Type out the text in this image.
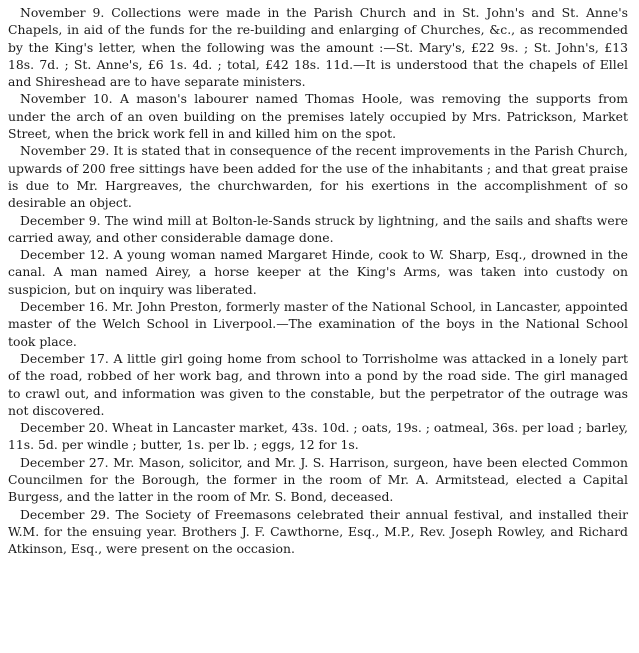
November 9. Collections were made in the Parish Church and in St. John's and St. Anne's Chapels, in aid of the funds for the re-building and enlarging of Churches, &c., as recommended by the King's letter, when the following was the amount :—St. Mary's, £22 9s. ; St. John's, £13 18s. 7d. ; St. Anne's, £6 1s. 4d. ; total, £42 18s. 11d.—It is understood that the chapels of Ellel and Shireshead are to have separate ministers.

November 10. A mason's labourer named Thomas Hoole, was removing the supports from under the arch of an oven building on the premises lately occupied by Mrs. Patrickson, Market Street, when the brick work fell in and killed him on the spot.

November 29. It is stated that in consequence of the recent improvements in the Parish Church, upwards of 200 free sittings have been added for the use of the inhabitants ; and that great praise is due to Mr. Hargreaves, the churchwarden, for his exertions in the accomplishment of so desirable an object.

December 9. The wind mill at Bolton-le-Sands struck by lightning, and the sails and shafts were carried away, and other considerable damage done.

December 12. A young woman named Margaret Hinde, cook to W. Sharp, Esq., drowned in the canal. A man named Airey, a horse keeper at the King's Arms, was taken into custody on suspicion, but on inquiry was liberated.

December 16. Mr. John Preston, formerly master of the National School, in Lancaster, appointed master of the Welch School in Liverpool.—The examination of the boys in the National School took place.

December 17. A little girl going home from school to Torrisholme was attacked in a lonely part of the road, robbed of her work bag, and thrown into a pond by the road side. The girl managed to crawl out, and information was given to the constable, but the perpetrator of the outrage was not discovered.

December 20. Wheat in Lancaster market, 43s. 10d. ; oats, 19s. ; oatmeal, 36s. per load ; barley, 11s. 5d. per windle ; butter, 1s. per lb. ; eggs, 12 for 1s.

December 27. Mr. Mason, solicitor, and Mr. J. S. Harrison, surgeon, have been elected Common Councilmen for the Borough, the former in the room of Mr. A. Armitstead, elected a Capital Burgess, and the latter in the room of Mr. S. Bond, deceased.

December 29. The Society of Freemasons celebrated their annual festival, and installed their W.M. for the ensuing year. Brothers J. F. Cawthorne, Esq., M.P., Rev. Joseph Rowley, and Richard Atkinson, Esq., were present on the occasion.
